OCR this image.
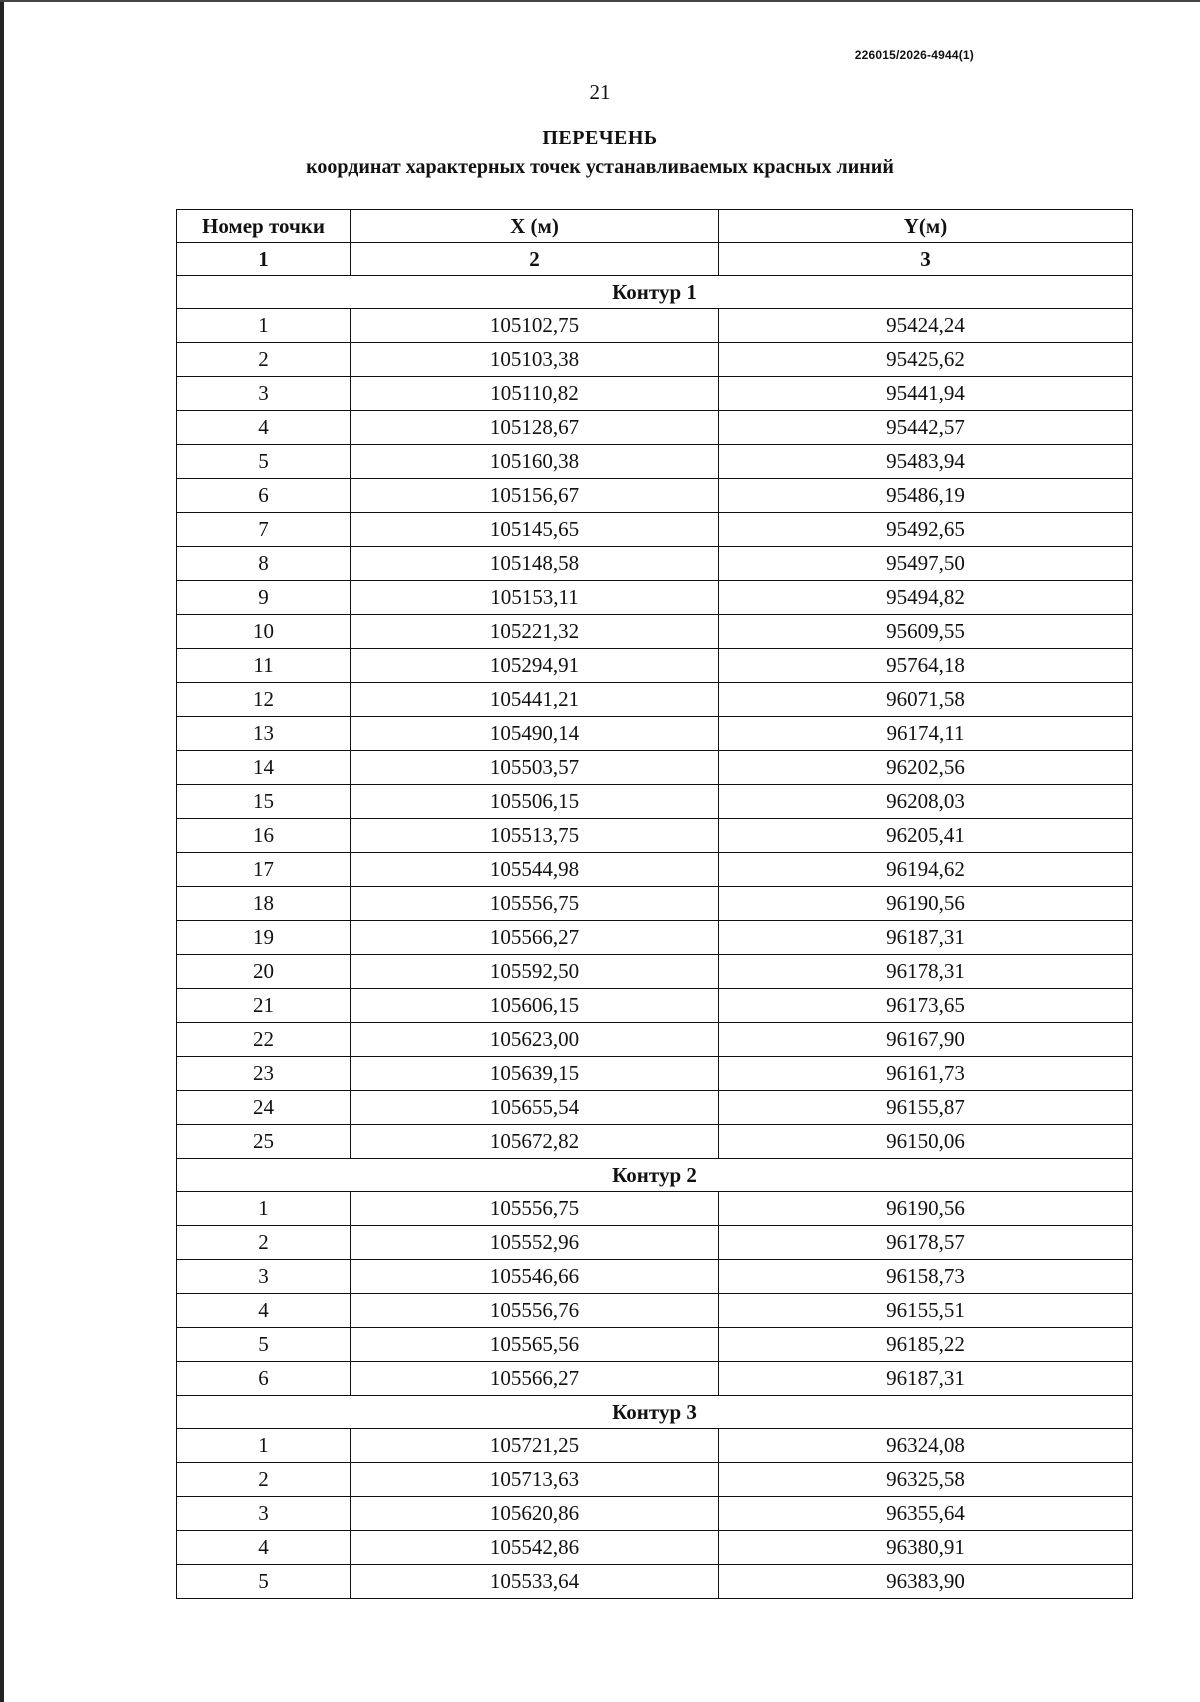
226015/2026-4944(1)
21
ПЕРЕЧЕНЬ
координат характерных точек устанавливаемых красных линий
Номер точки	X (м)	Y(м)
1	2	3
Контур 1		
1	105102,75	95424,24
2	105103,38	95425,62
3	105110,82	95441,94
4	105128,67	95442,57
5	105160,38	95483,94
6	105156,67	95486,19
7	105145,65	95492,65
8	105148,58	95497,50
9	105153,11	95494,82
10	105221,32	95609,55
11	105294,91	95764,18
12	105441,21	96071,58
13	105490,14	96174,11
14	105503,57	96202,56
15	105506,15	96208,03
16	105513,75	96205,41
17	105544,98	96194,62
18	105556,75	96190,56
19	105566,27	96187,31
20	105592,50	96178,31
21	105606,15	96173,65
22	105623,00	96167,90
23	105639,15	96161,73
24	105655,54	96155,87
25	105672,82	96150,06
Контур 2		
1	105556,75	96190,56
2	105552,96	96178,57
3	105546,66	96158,73
4	105556,76	96155,51
5	105565,56	96185,22
6	105566,27	96187,31
Контур 3		
1	105721,25	96324,08
2	105713,63	96325,58
3	105620,86	96355,64
4	105542,86	96380,91
5	105533,64	96383,90
